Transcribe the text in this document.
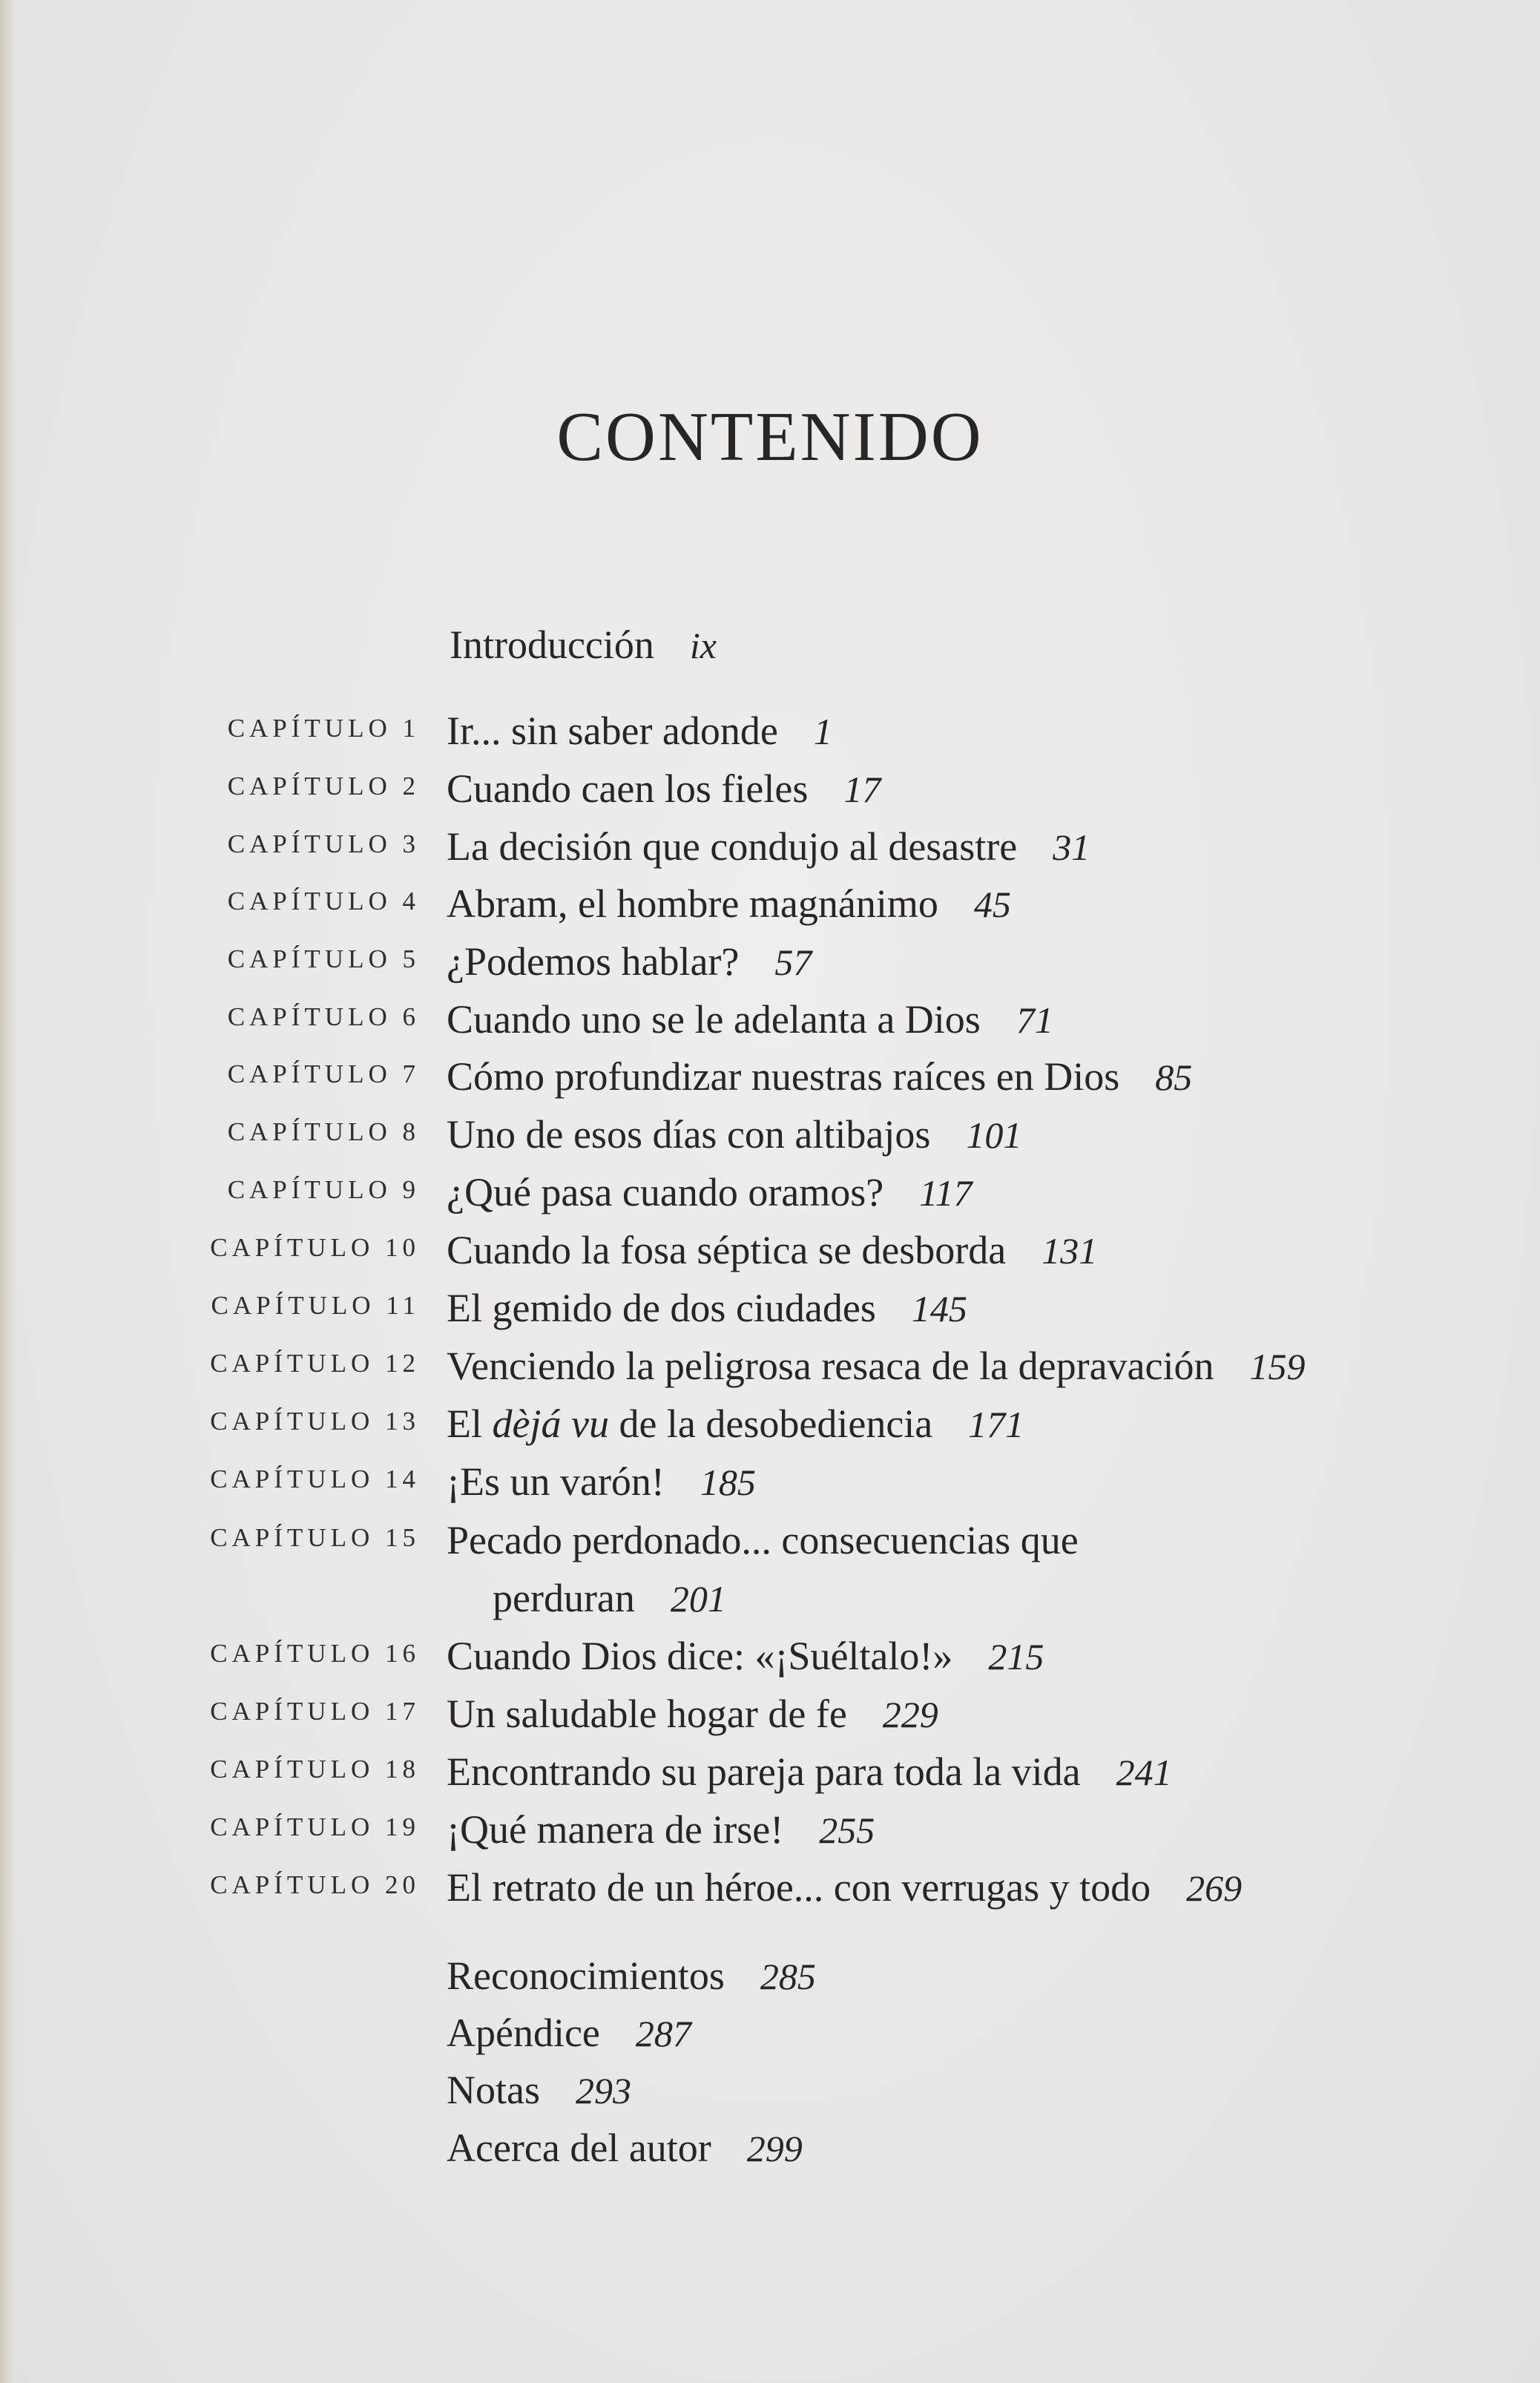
CONTENIDO
Introducción ix
CAPÍTULO 1 Ir... sin saber adonde 1
CAPÍTULO 2 Cuando caen los fieles 17
CAPÍTULO 3 La decisión que condujo al desastre 31
CAPÍTULO 4 Abram, el hombre magnánimo 45
CAPÍTULO 5 ¿Podemos hablar? 57
CAPÍTULO 6 Cuando uno se le adelanta a Dios 71
CAPÍTULO 7 Cómo profundizar nuestras raíces en Dios 85
CAPÍTULO 8 Uno de esos días con altibajos 101
CAPÍTULO 9 ¿Qué pasa cuando oramos? 117
CAPÍTULO 10 Cuando la fosa séptica se desborda 131
CAPÍTULO 11 El gemido de dos ciudades 145
CAPÍTULO 12 Venciendo la peligrosa resaca de la depravación 159
CAPÍTULO 13 El dèjá vu de la desobediencia 171
CAPÍTULO 14 ¡Es un varón! 185
CAPÍTULO 15 Pecado perdonado... consecuencias que
perduran 201
CAPÍTULO 16 Cuando Dios dice: «¡Suéltalo!» 215
CAPÍTULO 17 Un saludable hogar de fe 229
CAPÍTULO 18 Encontrando su pareja para toda la vida 241
CAPÍTULO 19 ¡Qué manera de irse! 255
CAPÍTULO 20 El retrato de un héroe... con verrugas y todo 269
Reconocimientos 285
Apéndice 287
Notas 293
Acerca del autor 299
